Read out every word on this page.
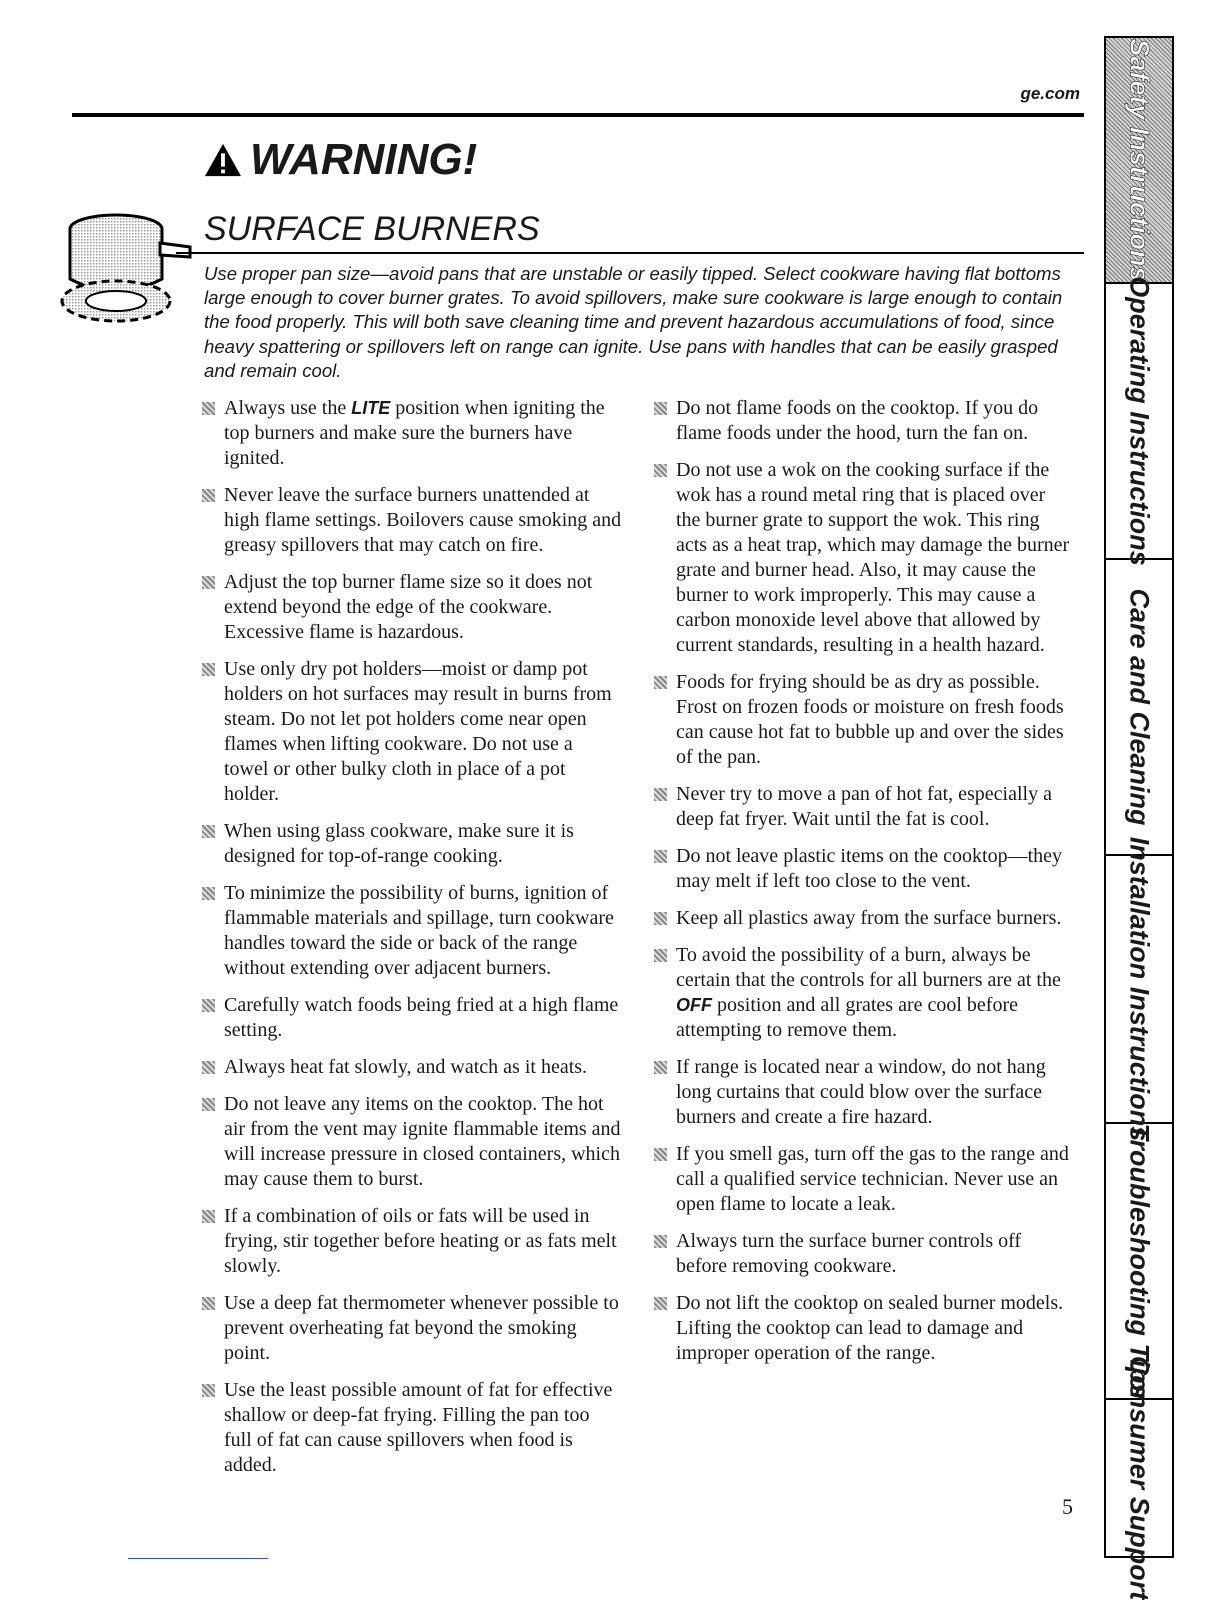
ge.com
WARNING!
SURFACE BURNERS

Use proper pan size—avoid pans that are unstable or easily tipped. Select cookware having flat bottoms large enough to cover burner grates. To avoid spillovers, make sure cookware is large enough to contain the food properly. This will both save cleaning time and prevent hazardous accumulations of food, since heavy spattering or spillovers left on range can ignite. Use pans with handles that can be easily grasped and remain cool.

Always use the LITE position when igniting the top burners and make sure the burners have ignited.
Never leave the surface burners unattended at high flame settings. Boilovers cause smoking and greasy spillovers that may catch on fire.
Adjust the top burner flame size so it does not extend beyond the edge of the cookware. Excessive flame is hazardous.
Use only dry pot holders—moist or damp pot holders on hot surfaces may result in burns from steam. Do not let pot holders come near open flames when lifting cookware. Do not use a towel or other bulky cloth in place of a pot holder.
When using glass cookware, make sure it is designed for top-of-range cooking.
To minimize the possibility of burns, ignition of flammable materials and spillage, turn cookware handles toward the side or back of the range without extending over adjacent burners.
Carefully watch foods being fried at a high flame setting.
Always heat fat slowly, and watch as it heats.
Do not leave any items on the cooktop. The hot air from the vent may ignite flammable items and will increase pressure in closed containers, which may cause them to burst.
If a combination of oils or fats will be used in frying, stir together before heating or as fats melt slowly.
Use a deep fat thermometer whenever possible to prevent overheating fat beyond the smoking point.
Use the least possible amount of fat for effective shallow or deep-fat frying. Filling the pan too full of fat can cause spillovers when food is added.
Do not flame foods on the cooktop. If you do flame foods under the hood, turn the fan on.
Do not use a wok on the cooking surface if the wok has a round metal ring that is placed over the burner grate to support the wok. This ring acts as a heat trap, which may damage the burner grate and burner head. Also, it may cause the burner to work improperly. This may cause a carbon monoxide level above that allowed by current standards, resulting in a health hazard.
Foods for frying should be as dry as possible. Frost on frozen foods or moisture on fresh foods can cause hot fat to bubble up and over the sides of the pan.
Never try to move a pan of hot fat, especially a deep fat fryer. Wait until the fat is cool.
Do not leave plastic items on the cooktop—they may melt if left too close to the vent.
Keep all plastics away from the surface burners.
To avoid the possibility of a burn, always be certain that the controls for all burners are at the OFF position and all grates are cool before attempting to remove them.
If range is located near a window, do not hang long curtains that could blow over the surface burners and create a fire hazard.
If you smell gas, turn off the gas to the range and call a qualified service technician. Never use an open flame to locate a leak.
Always turn the surface burner controls off before removing cookware.
Do not lift the cooktop on sealed burner models. Lifting the cooktop can lead to damage and improper operation of the range.
5
Safety Instructions
Operating Instructions
Care and Cleaning
Installation Instructions
Troubleshooting Tips
Consumer Support
